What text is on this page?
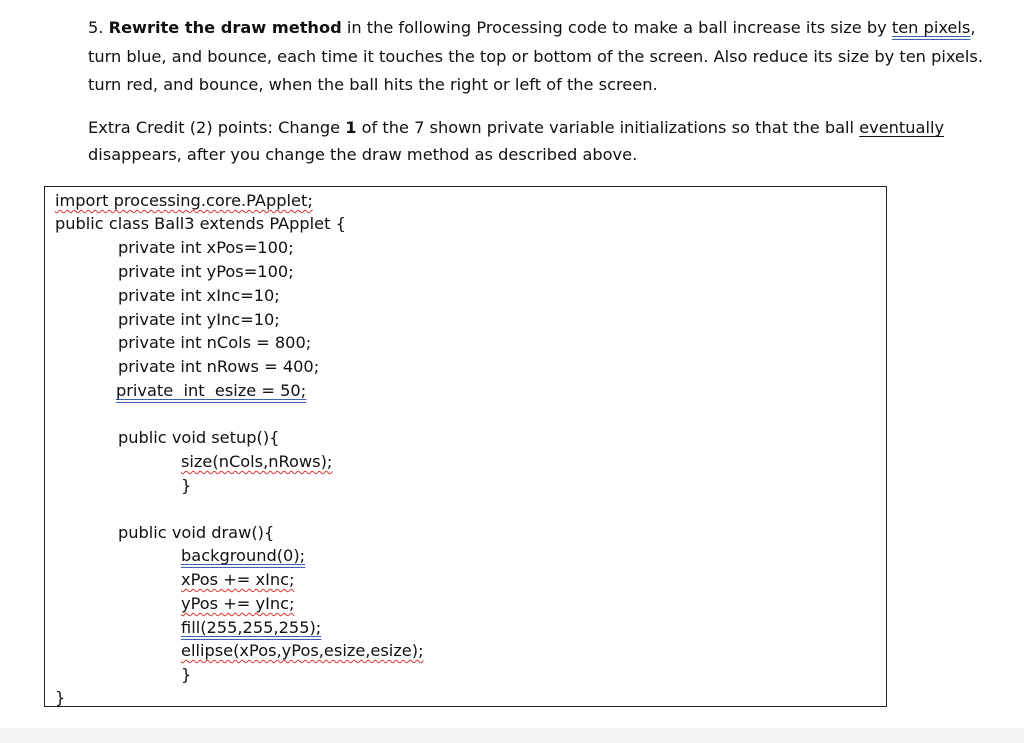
5. Rewrite the draw method in the following Processing code to make a ball increase its size by ten pixels, turn blue, and bounce, each time it touches the top or bottom of the screen. Also reduce its size by ten pixels. turn red, and bounce, when the ball hits the right or left of the screen.

Extra Credit (2) points: Change 1 of the 7 shown private variable initializations so that the ball eventually disappears, after you change the draw method as described above.
import processing.core.PApplet;
public class Ball3 extends PApplet {
private int xPos=100;
private int yPos=100;
private int xInc=10;
private int yInc=10;
private int nCols = 800;
private int nRows = 400;
private  int  esize = 50;
public void setup(){
size(nCols,nRows);
}
public void draw(){
background(0);
xPos += xInc;
yPos += yInc;
fill(255,255,255);
ellipse(xPos,yPos,esize,esize);
}
}
